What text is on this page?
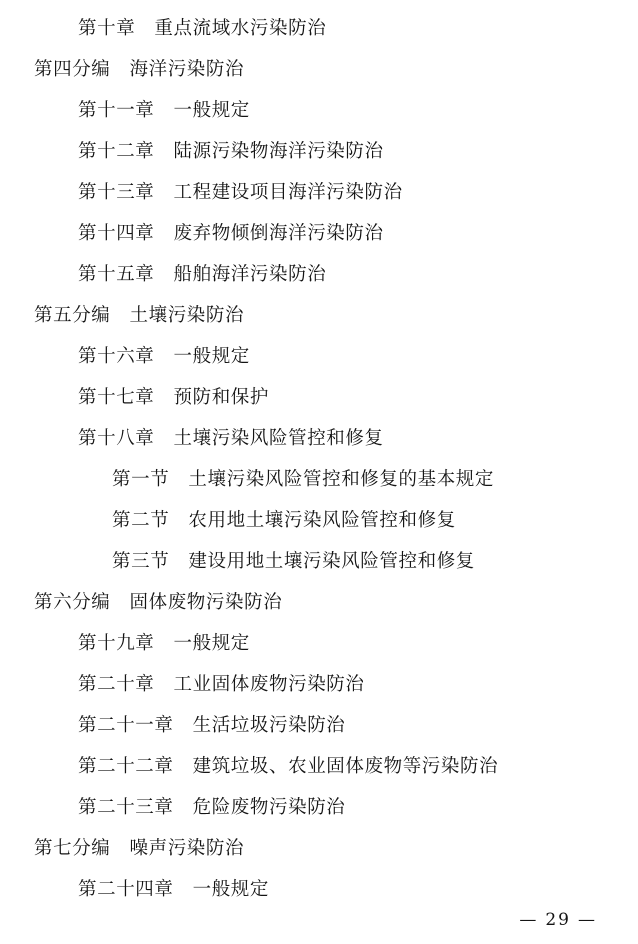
第十章　重点流域水污染防治
第四分编　海洋污染防治
第十一章　一般规定
第十二章　陆源污染物海洋污染防治
第十三章　工程建设项目海洋污染防治
第十四章　废弃物倾倒海洋污染防治
第十五章　船舶海洋污染防治
第五分编　土壤污染防治
第十六章　一般规定
第十七章　预防和保护
第十八章　土壤污染风险管控和修复
第一节　土壤污染风险管控和修复的基本规定
第二节　农用地土壤污染风险管控和修复
第三节　建设用地土壤污染风险管控和修复
第六分编　固体废物污染防治
第十九章　一般规定
第二十章　工业固体废物污染防治
第二十一章　生活垃圾污染防治
第二十二章　建筑垃圾、农业固体废物等污染防治
第二十三章　危险废物污染防治
第七分编　噪声污染防治
第二十四章　一般规定
— 29 —
